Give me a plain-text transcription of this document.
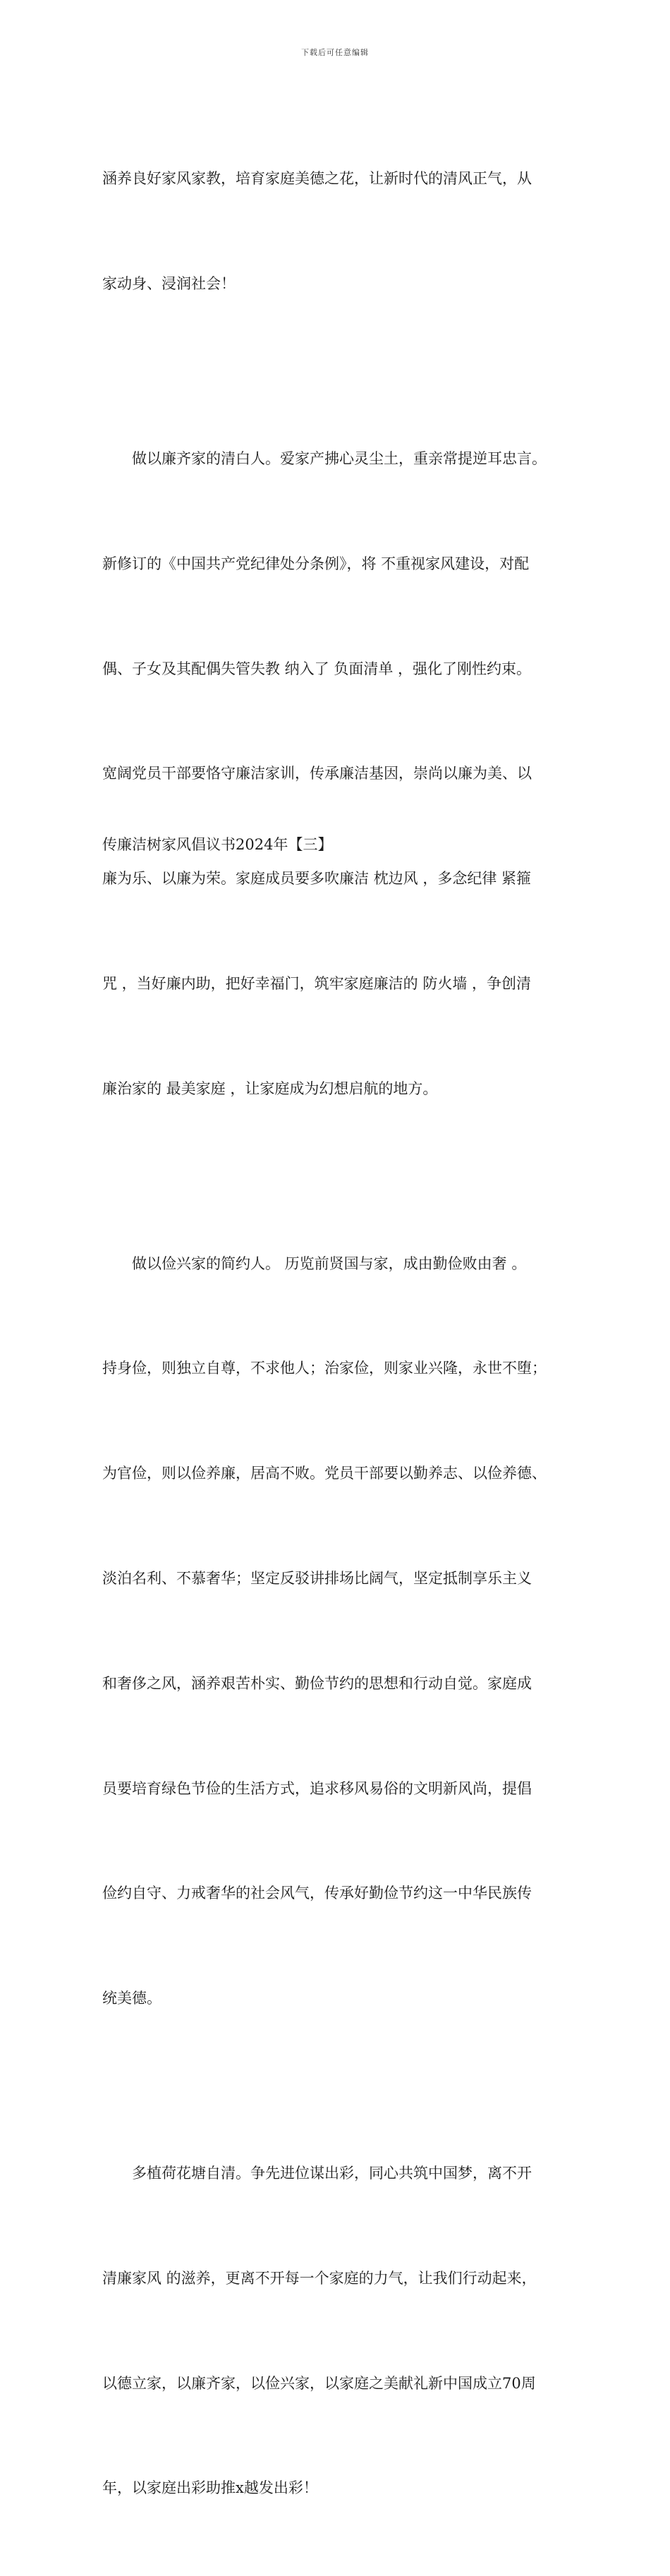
下载后可任意编辑

涵养良好家风家教，培育家庭美德之花，让新时代的清风正气，从

家动身、浸润社会！

做以廉齐家的清白人。爱家产拂心灵尘土，重亲常提逆耳忠言。

新修订的《中国共产党纪律处分条例》，将 不重视家风建设，对配

偶、子女及其配偶失管失教 纳入了 负面清单 ，强化了刚性约束。

宽阔党员干部要恪守廉洁家训，传承廉洁基因，崇尚以廉为美、以

廉为乐、以廉为荣。家庭成员要多吹廉洁 枕边风 ，多念纪律 紧箍

咒 ，当好廉内助，把好幸福门，筑牢家庭廉洁的 防火墙 ，争创清

廉治家的 最美家庭 ，让家庭成为幻想启航的地方。

做以俭兴家的简约人。 历览前贤国与家，成由勤俭败由奢 。

持身俭，则独立自尊，不求他人；治家俭，则家业兴隆，永世不堕；

为官俭，则以俭养廉，居高不败。党员干部要以勤养志、以俭养德、

淡泊名利、不慕奢华；坚定反驳讲排场比阔气，坚定抵制享乐主义

和奢侈之风，涵养艰苦朴实、勤俭节约的思想和行动自觉。家庭成

员要培育绿色节俭的生活方式，追求移风易俗的文明新风尚，提倡

俭约自守、力戒奢华的社会风气，传承好勤俭节约这一中华民族传

统美德。

多植荷花塘自清。争先进位谋出彩，同心共筑中国梦，离不开

清廉家风 的滋养，更离不开每一个家庭的力气，让我们行动起来，

以德立家，以廉齐家，以俭兴家，以家庭之美献礼新中国成立70周

年，以家庭出彩助推x越发出彩！

传廉洁树家风倡议书2024年【三】
